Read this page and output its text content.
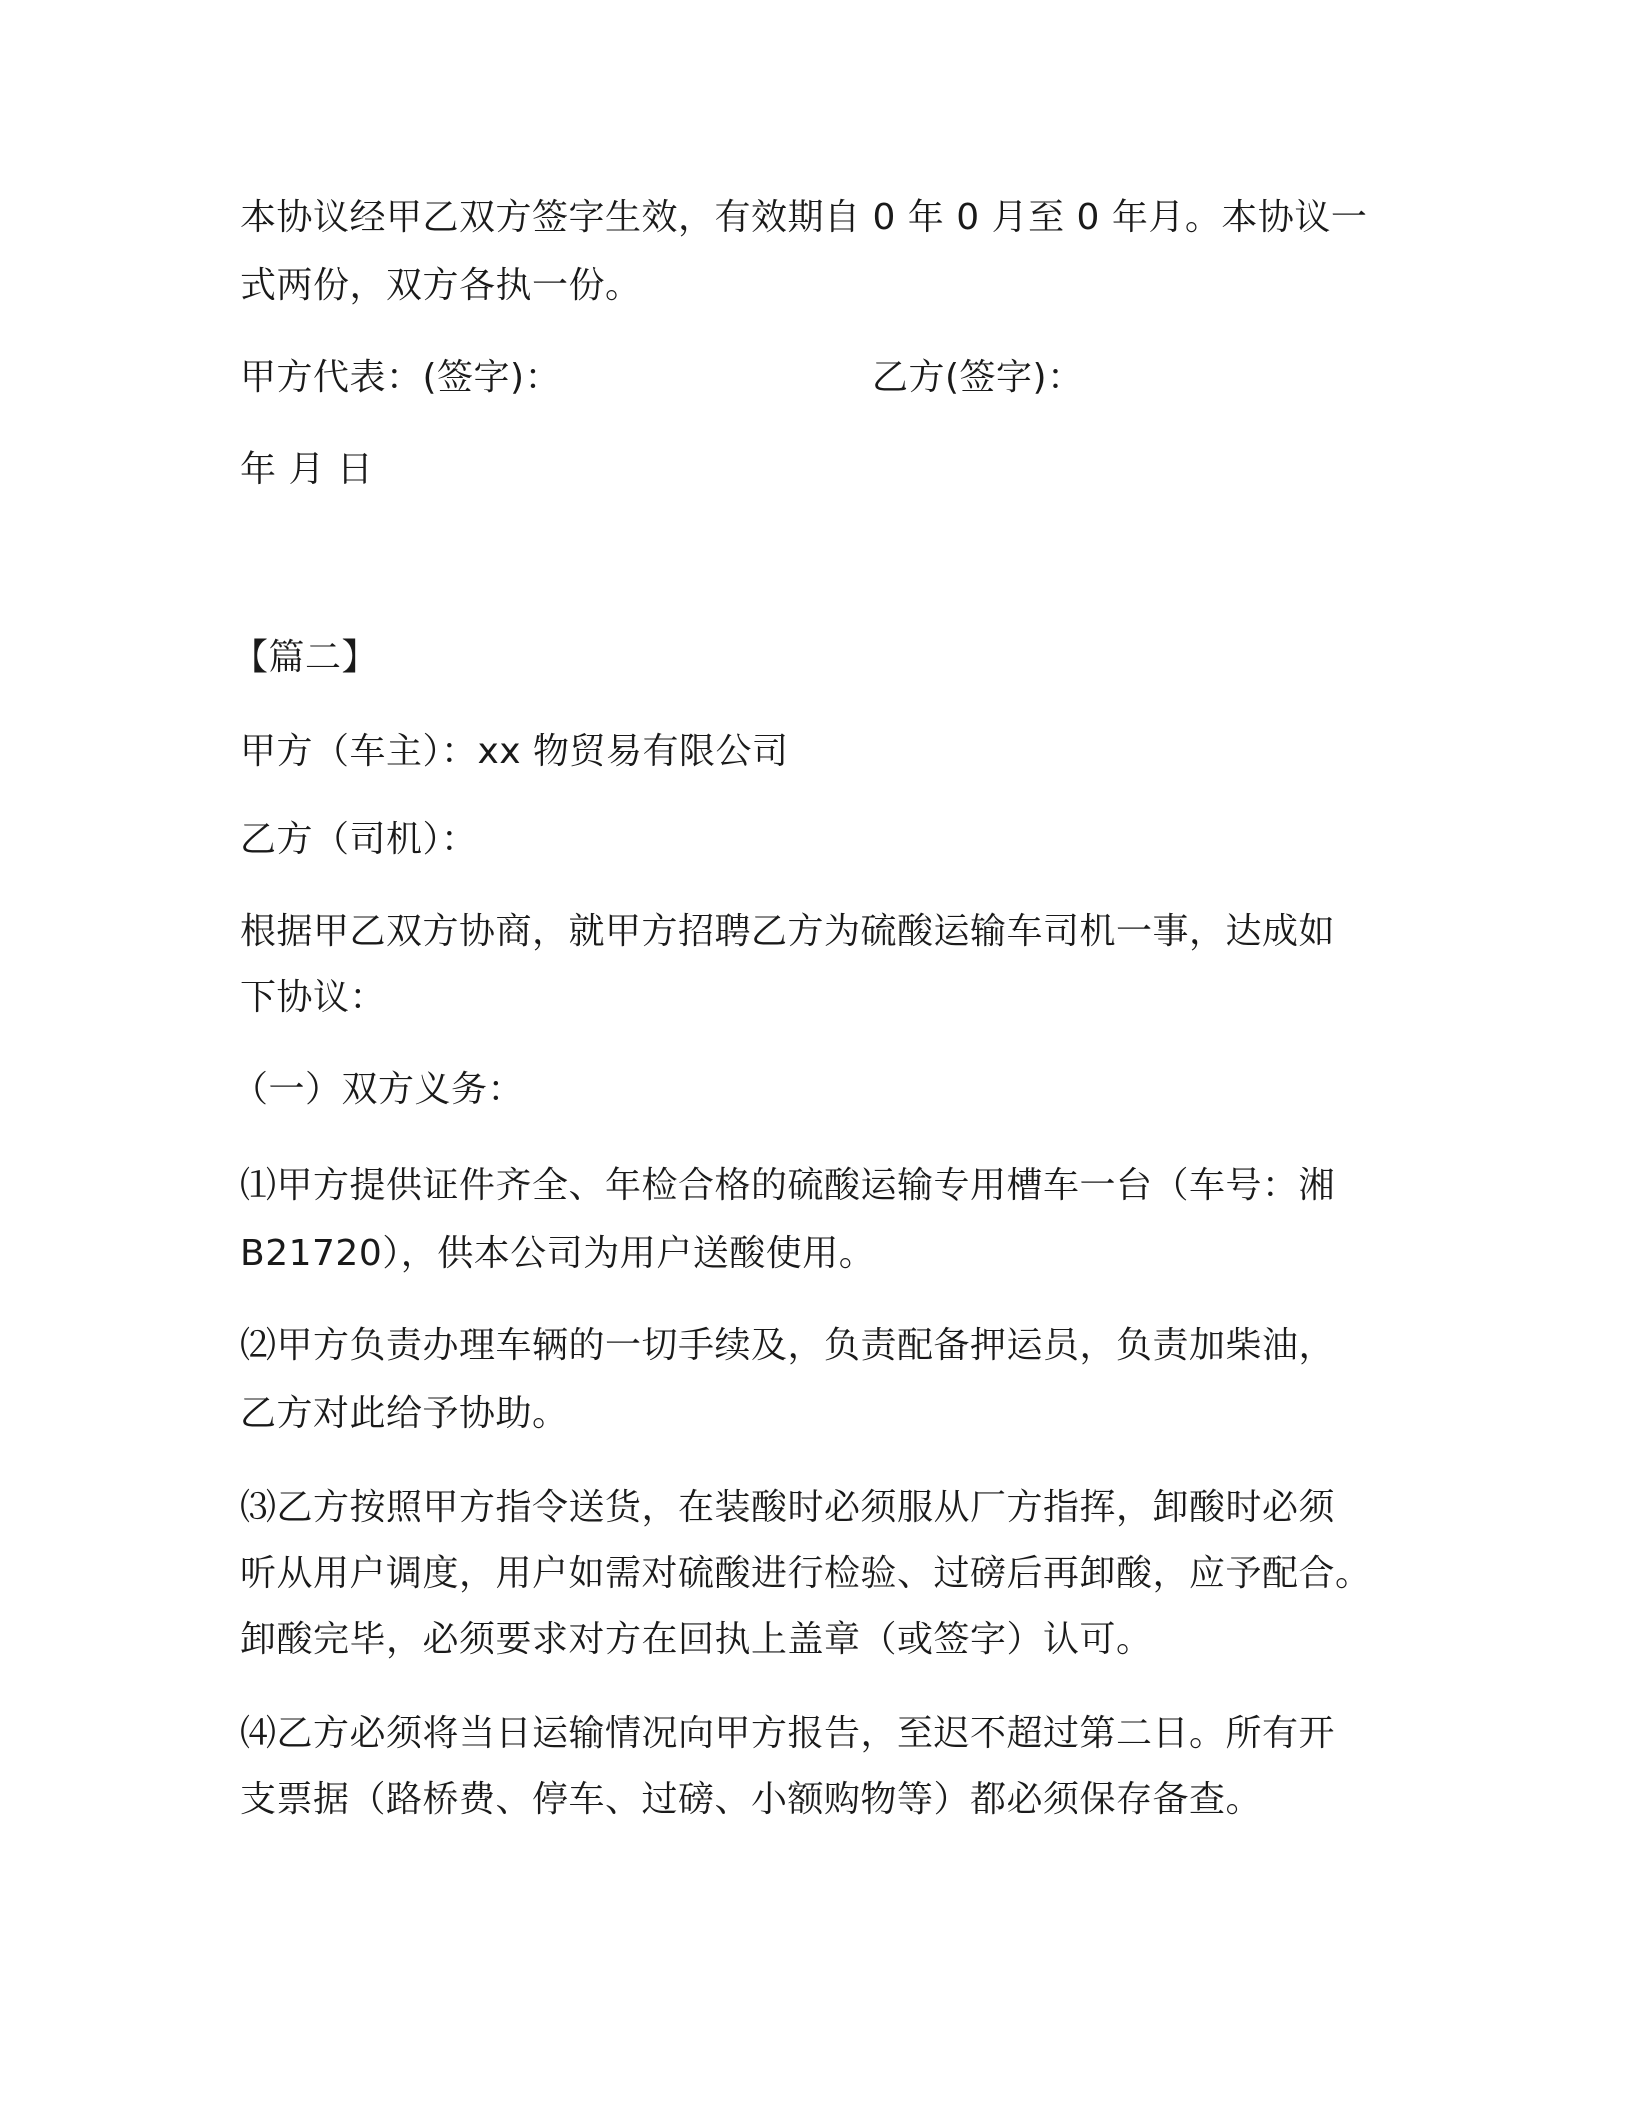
本协议经甲乙双方签字生效，有效期自 0 年 0 月至 0 年月。本协议一
式两份，双方各执一份。
甲方代表：(签字)：	乙方(签字)：
年 月 日
【篇二】
甲方（车主）：xx 物贸易有限公司
乙方（司机）：
根据甲乙双方协商，就甲方招聘乙方为硫酸运输车司机一事，达成如
下协议：
（一）双方义务：
⑴甲方提供证件齐全、年检合格的硫酸运输专用槽车一台（车号：湘
B21720），供本公司为用户送酸使用。
⑵甲方负责办理车辆的一切手续及，负责配备押运员，负责加柴油，
乙方对此给予协助。
⑶乙方按照甲方指令送货，在装酸时必须服从厂方指挥，卸酸时必须
听从用户调度，用户如需对硫酸进行检验、过磅后再卸酸，应予配合。
卸酸完毕，必须要求对方在回执上盖章（或签字）认可。
⑷乙方必须将当日运输情况向甲方报告，至迟不超过第二日。所有开
支票据（路桥费、停车、过磅、小额购物等）都必须保存备查。
